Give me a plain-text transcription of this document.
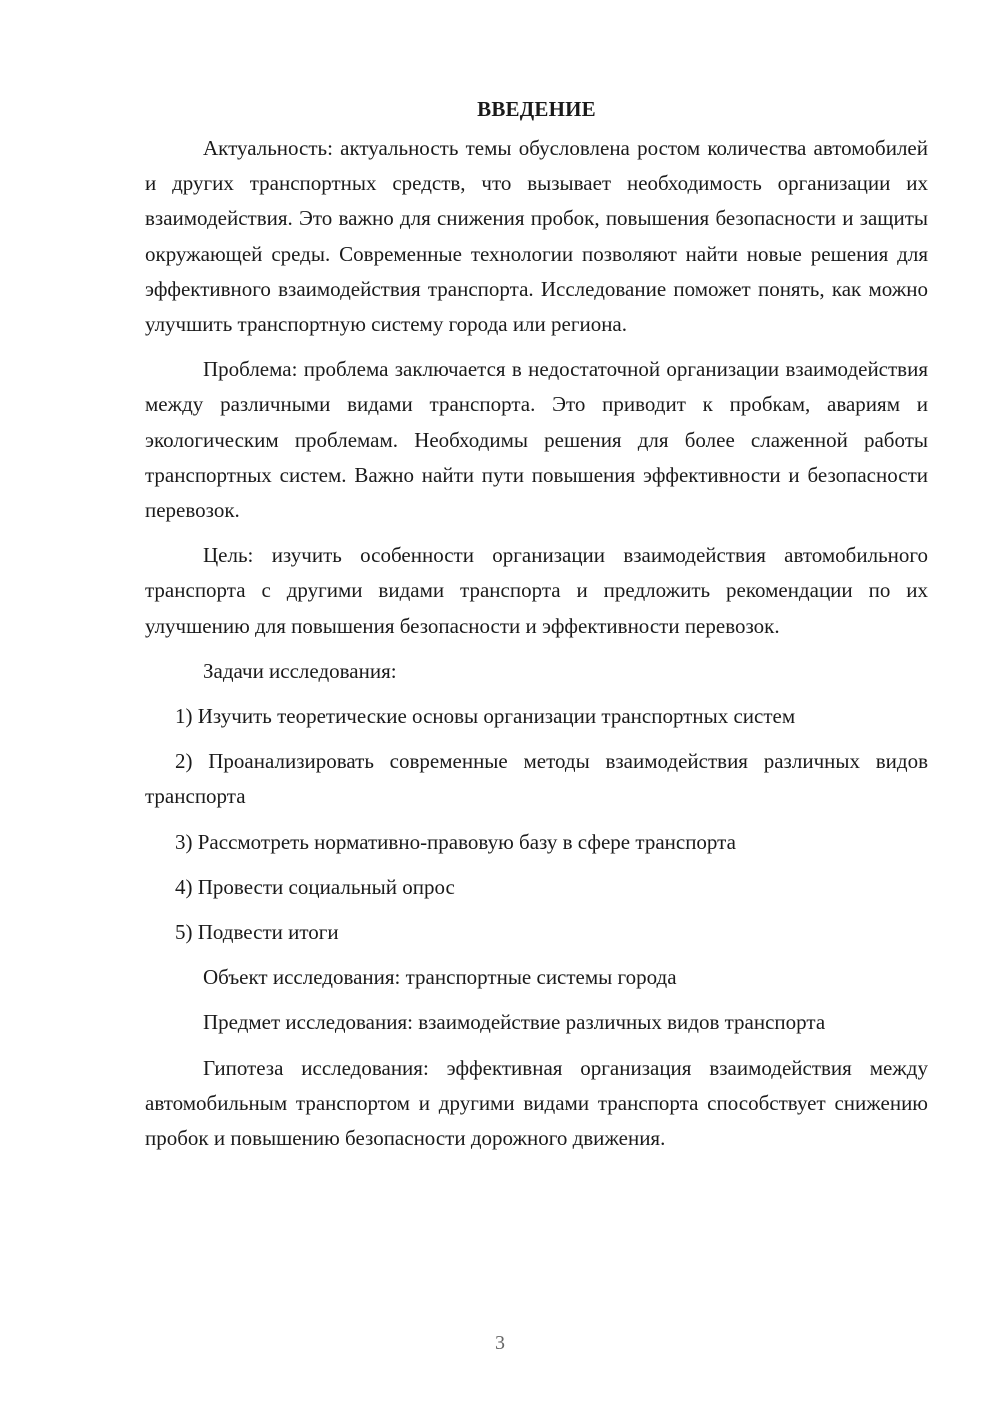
ВВЕДЕНИЕ

Актуальность: актуальность темы обусловлена ростом количества автомобилей и других транспортных средств, что вызывает необходимость организации их взаимодействия. Это важно для снижения пробок, повышения безопасности и защиты окружающей среды. Современные технологии позволяют найти новые решения для эффективного взаимодействия транспорта. Исследование поможет понять, как можно улучшить транспортную систему города или региона.

Проблема: проблема заключается в недостаточной организации взаимодействия между различными видами транспорта. Это приводит к пробкам, авариям и экологическим проблемам. Необходимы решения для более слаженной работы транспортных систем. Важно найти пути повышения эффективности и безопасности перевозок.

Цель: изучить особенности организации взаимодействия автомобильного транспорта с другими видами транспорта и предложить рекомендации по их улучшению для повышения безопасности и эффективности перевозок.

Задачи исследования:

1) Изучить теоретические основы организации транспортных систем

2) Проанализировать современные методы взаимодействия различных видов транспорта

3) Рассмотреть нормативно-правовую базу в сфере транспорта

4) Провести социальный опрос

5) Подвести итоги

Объект исследования: транспортные системы города

Предмет исследования: взаимодействие различных видов транспорта

Гипотеза исследования: эффективная организация взаимодействия между автомобильным транспортом и другими видами транспорта способствует снижению пробок и повышению безопасности дорожного движения.

3
